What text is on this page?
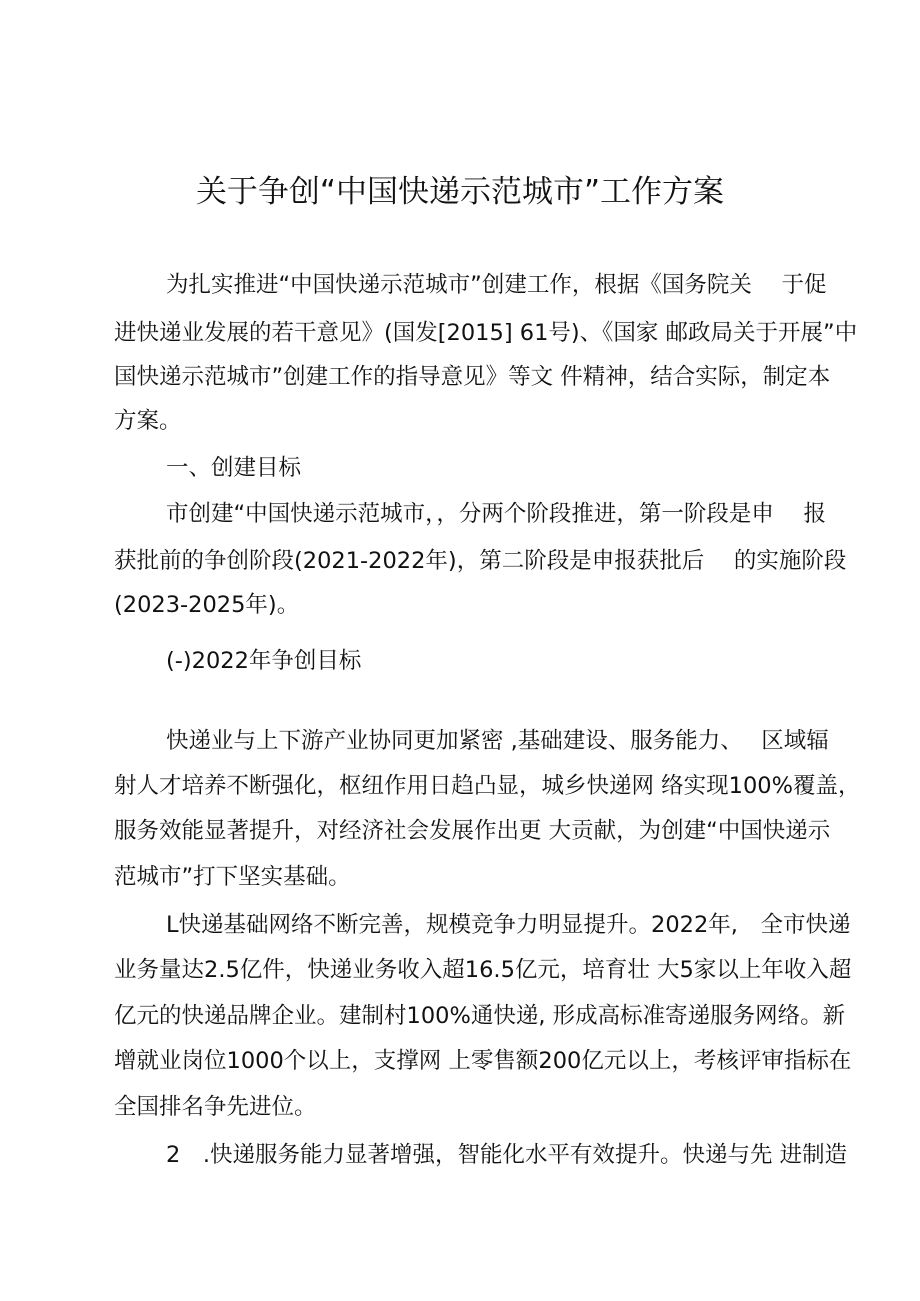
关于争创“中国快递示范城市”工作方案
为扎实推进“中国快递示范城市”创建工作，根据《国务院关　 于促
进快递业发展的若干意见》(国发[2015] 61号)、《国家 邮政局关于开展”中
国快递示范城市”创建工作的指导意见》等文 件精神，结合实际，制定本
方案。
一、创建目标
市创建“中国快递示范城市，，分两个阶段推进，第一阶段是申　 报
获批前的争创阶段(2021-2022年)，第二阶段是申报获批后　 的实施阶段
(2023-2025年)。
(-)2022年争创目标
快递业与上下游产业协同更加紧密 ,基础建设、服务能力、　 区域辐
射人才培养不断强化，枢纽作用日趋凸显，城乡快递网 络实现100%覆盖，
服务效能显著提升，对经济社会发展作出更 大贡献，为创建“中国快递示
范城市”打下坚实基础。
L快递基础网络不断完善，规模竞争力明显提升。2022年,　全市快递
业务量达2.5亿件，快递业务收入超16.5亿元，培育壮 大5家以上年收入超
亿元的快递品牌企业。建制村100%通快递, 形成高标准寄递服务网络。新
增就业岗位1000个以上，支撑网 上零售额200亿元以上，考核评审指标在
全国排名争先进位。
2　.快递服务能力显著增强，智能化水平有效提升。快递与先 进制造
